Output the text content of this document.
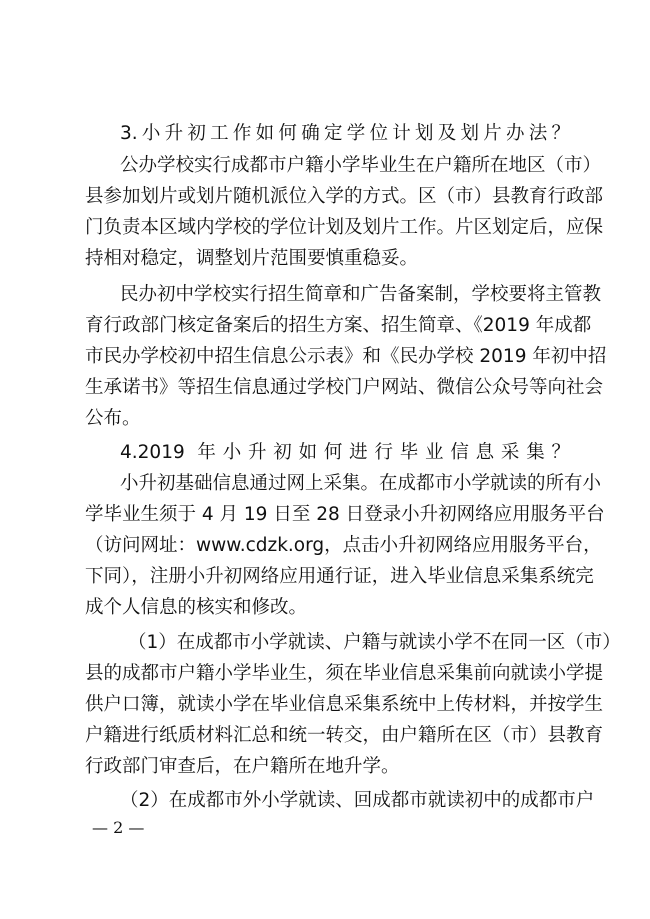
3.小升初工作如何确定学位计划及划片办法？
公办学校实行成都市户籍小学毕业生在户籍所在地区（市）
县参加划片或划片随机派位入学的方式。区（市）县教育行政部
门负责本区域内学校的学位计划及划片工作。片区划定后，应保
持相对稳定，调整划片范围要慎重稳妥。
民办初中学校实行招生简章和广告备案制，学校要将主管教
育行政部门核定备案后的招生方案、招生简章、《2019 年成都
市民办学校初中招生信息公示表》和《民办学校 2019 年初中招
生承诺书》等招生信息通过学校门户网站、微信公众号等向社会
公布。
4.2019 年小升初如何进行毕业信息采集？
小升初基础信息通过网上采集。在成都市小学就读的所有小
学毕业生须于 4 月 19 日至 28 日登录小升初网络应用服务平台
（访问网址：www.cdzk.org，点击小升初网络应用服务平台，
下同），注册小升初网络应用通行证，进入毕业信息采集系统完
成个人信息的核实和修改。
（1）在成都市小学就读、户籍与就读小学不在同一区（市）
县的成都市户籍小学毕业生，须在毕业信息采集前向就读小学提
供户口簿，就读小学在毕业信息采集系统中上传材料，并按学生
户籍进行纸质材料汇总和统一转交，由户籍所在区（市）县教育
行政部门审查后，在户籍所在地升学。
（2）在成都市外小学就读、回成都市就读初中的成都市户
— 2 —
